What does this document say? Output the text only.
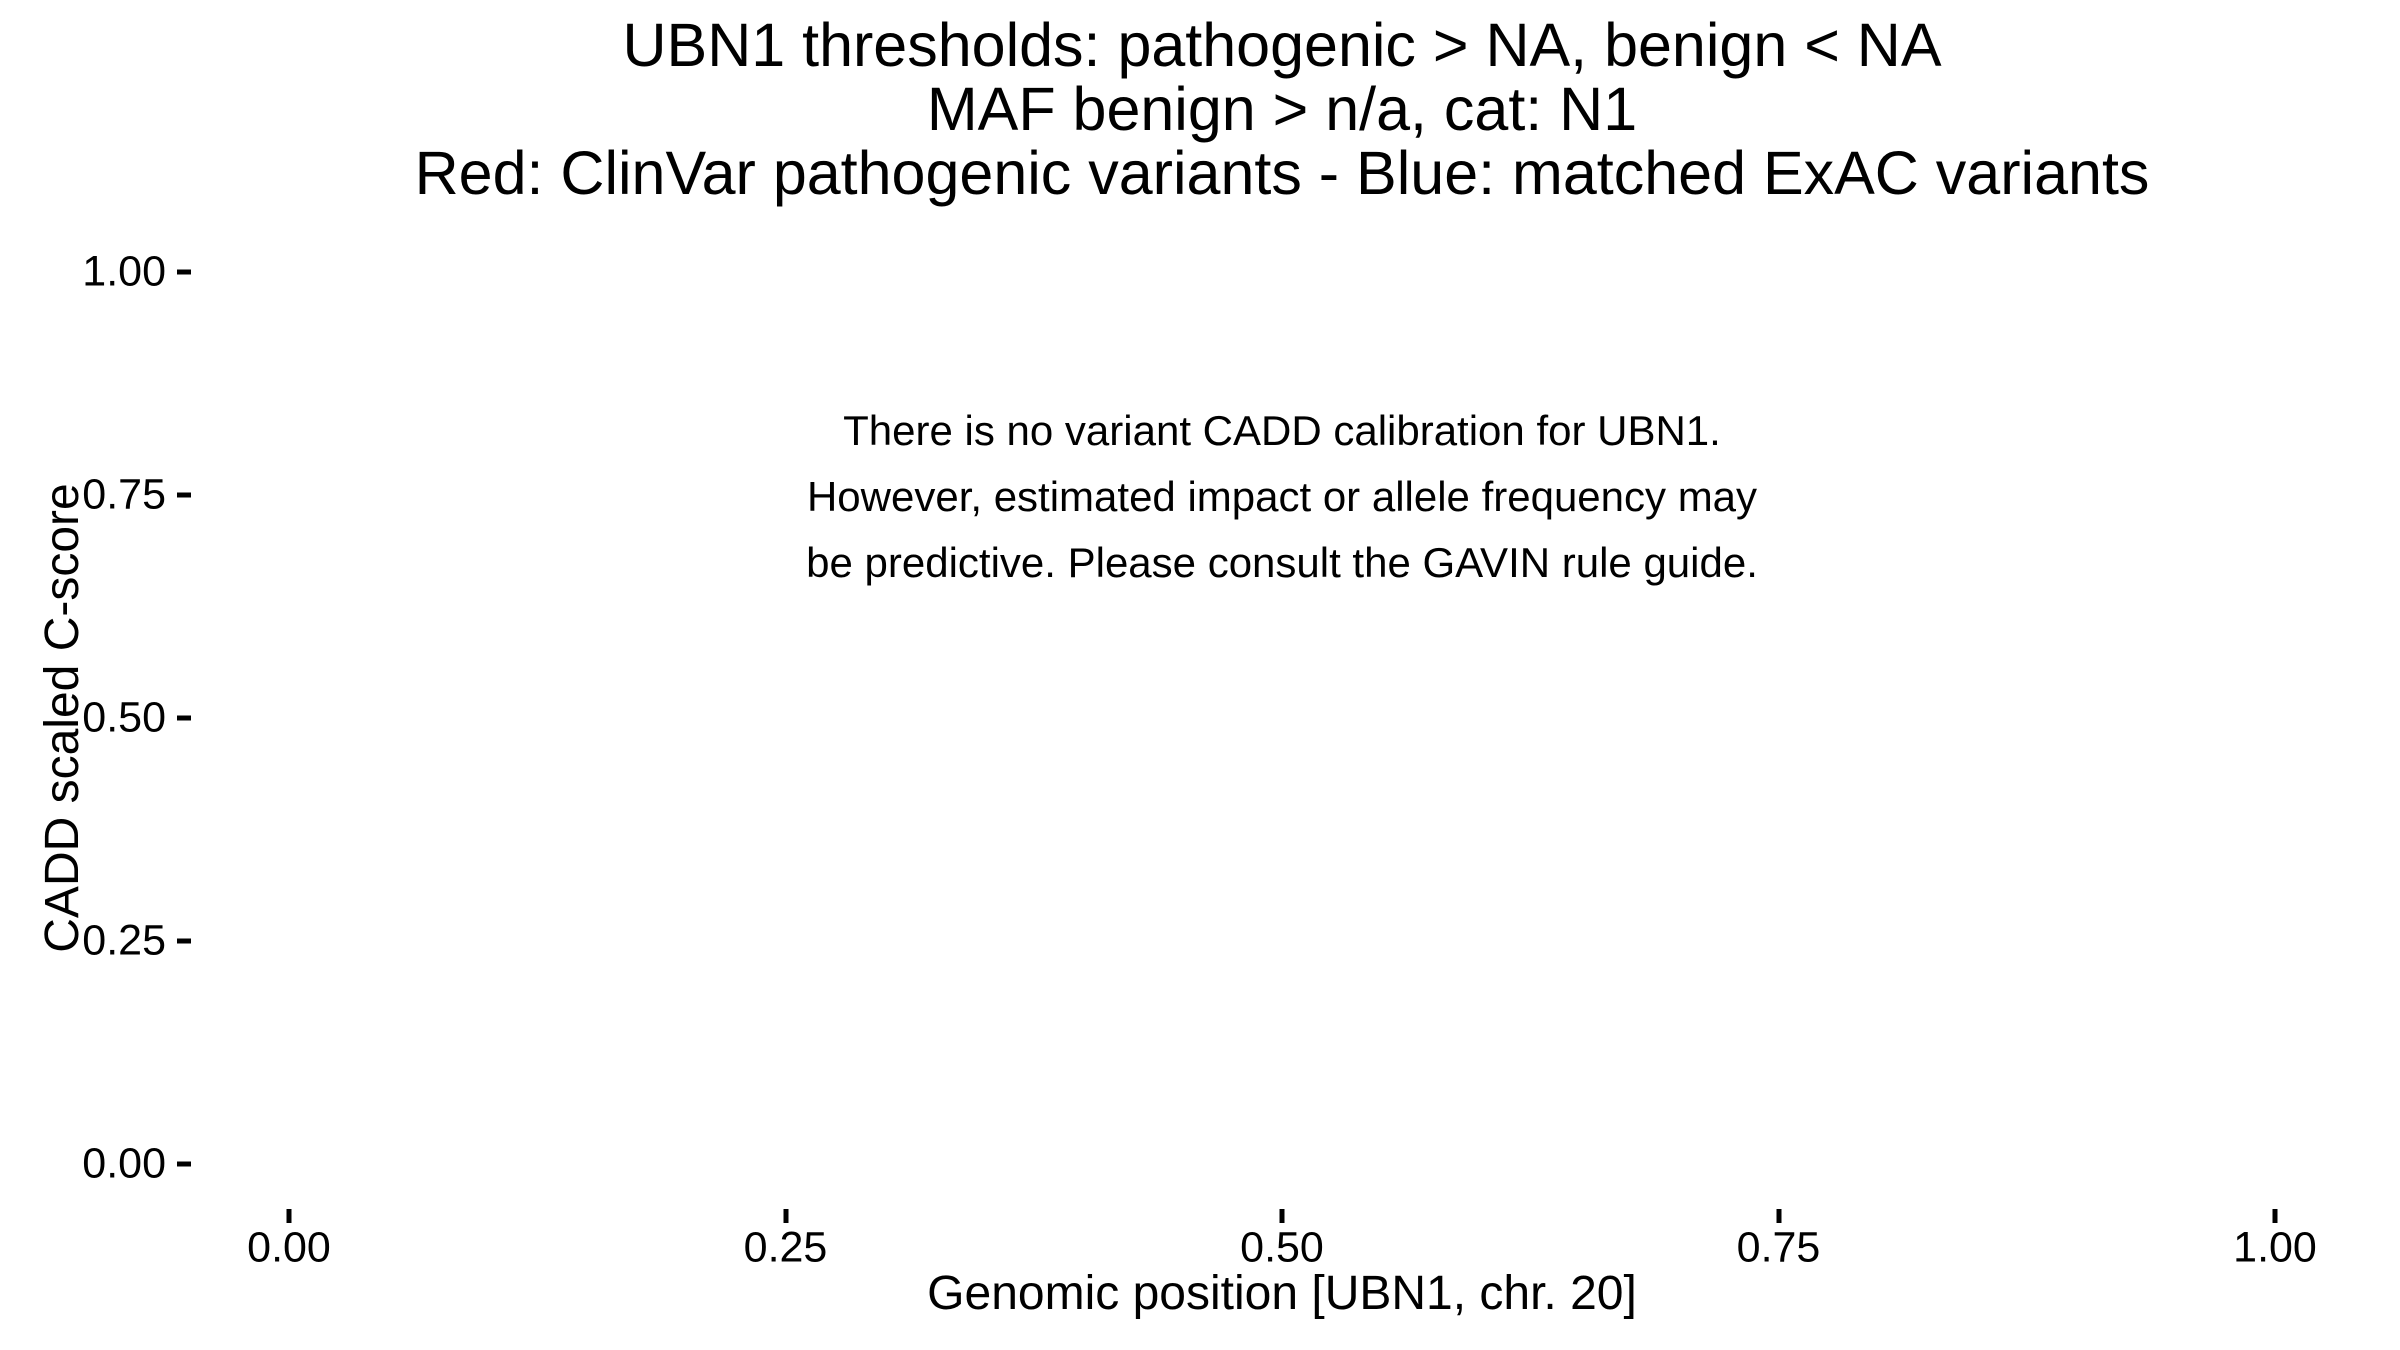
UBN1 thresholds: pathogenic > NA, benign < NA
MAF benign > n/a, cat: N1
Red: ClinVar pathogenic variants - Blue: matched ExAC variants
CADD scaled C-score
There is no variant CADD calibration for UBN1.
However, estimated impact or allele frequency may
be predictive. Please consult the GAVIN rule guide.
0.00
0.25
0.50
0.75
1.00
0.00	0.25	0.50	0.75	1.00
Genomic position [UBN1, chr. 20]
